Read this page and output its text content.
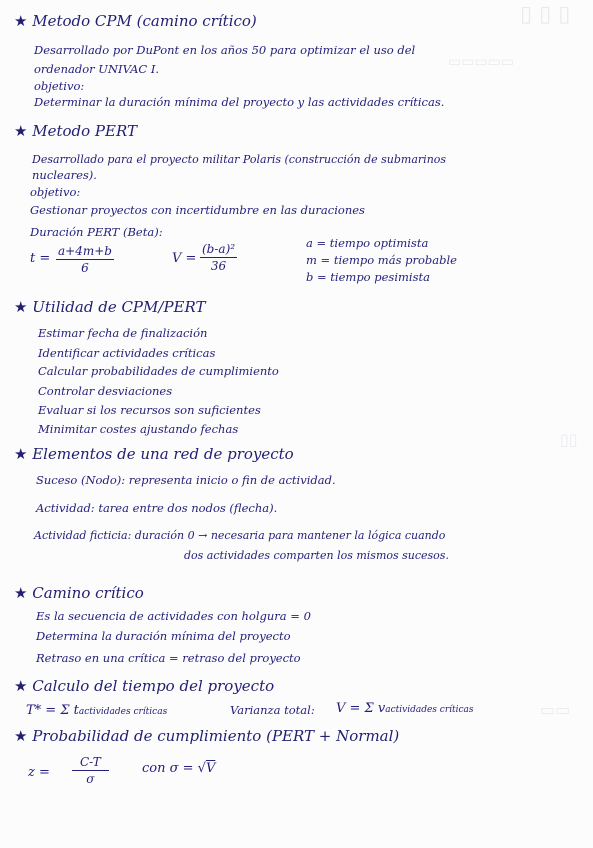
▯ ▯ ▯
▭▭▭▭▭
▯▯
▭▭
★ Metodo CPM (camino crítico)
Desarrollado por DuPont en los años 50 para optimizar el uso del
ordenador UNIVAC I.
objetivo:
Determinar la duración mínima del proyecto y las actividades críticas.
★ Metodo PERT
Desarrollado para el proyecto militar Polaris (construcción de submarinos
nucleares).
objetivo:
Gestionar proyectos con incertidumbre en las duraciones
Duración PERT (Beta):
$t = \frac{a+4m+b}{6}$	$V = \frac{\text{(b-a)²}}{36}$	a = tiempo optimista
m = tiempo más probable
b = tiempo pesimista
★ Utilidad de CPM/PERT
Estimar fecha de finalización
Identificar actividades críticas
Calcular probabilidades de cumplimiento
Controlar desviaciones
Evaluar si los recursos son suficientes
Minimitar costes ajustando fechas
★ Elementos de una red de proyecto
Suceso (Nodo): representa inicio o fin de actividad.
Actividad: tarea entre dos nodos (flecha).
Actividad ficticia: duración 0 → necesaria para mantener la lógica cuando
dos actividades comparten los mismos sucesos.
★ Camino crítico
Es la secuencia de actividades con holgura = 0
Determina la duración mínima del proyecto
Retraso en una crítica = retraso del proyecto
★ Calculo del tiempo del proyecto
T* = Σ tactividades críticas	Varianza total: V = Σ vactividades críticas
★ Probabilidad de cumplimiento (PERT + Normal)
$z = \frac{C-T}{\sigma}$	con σ = √V
